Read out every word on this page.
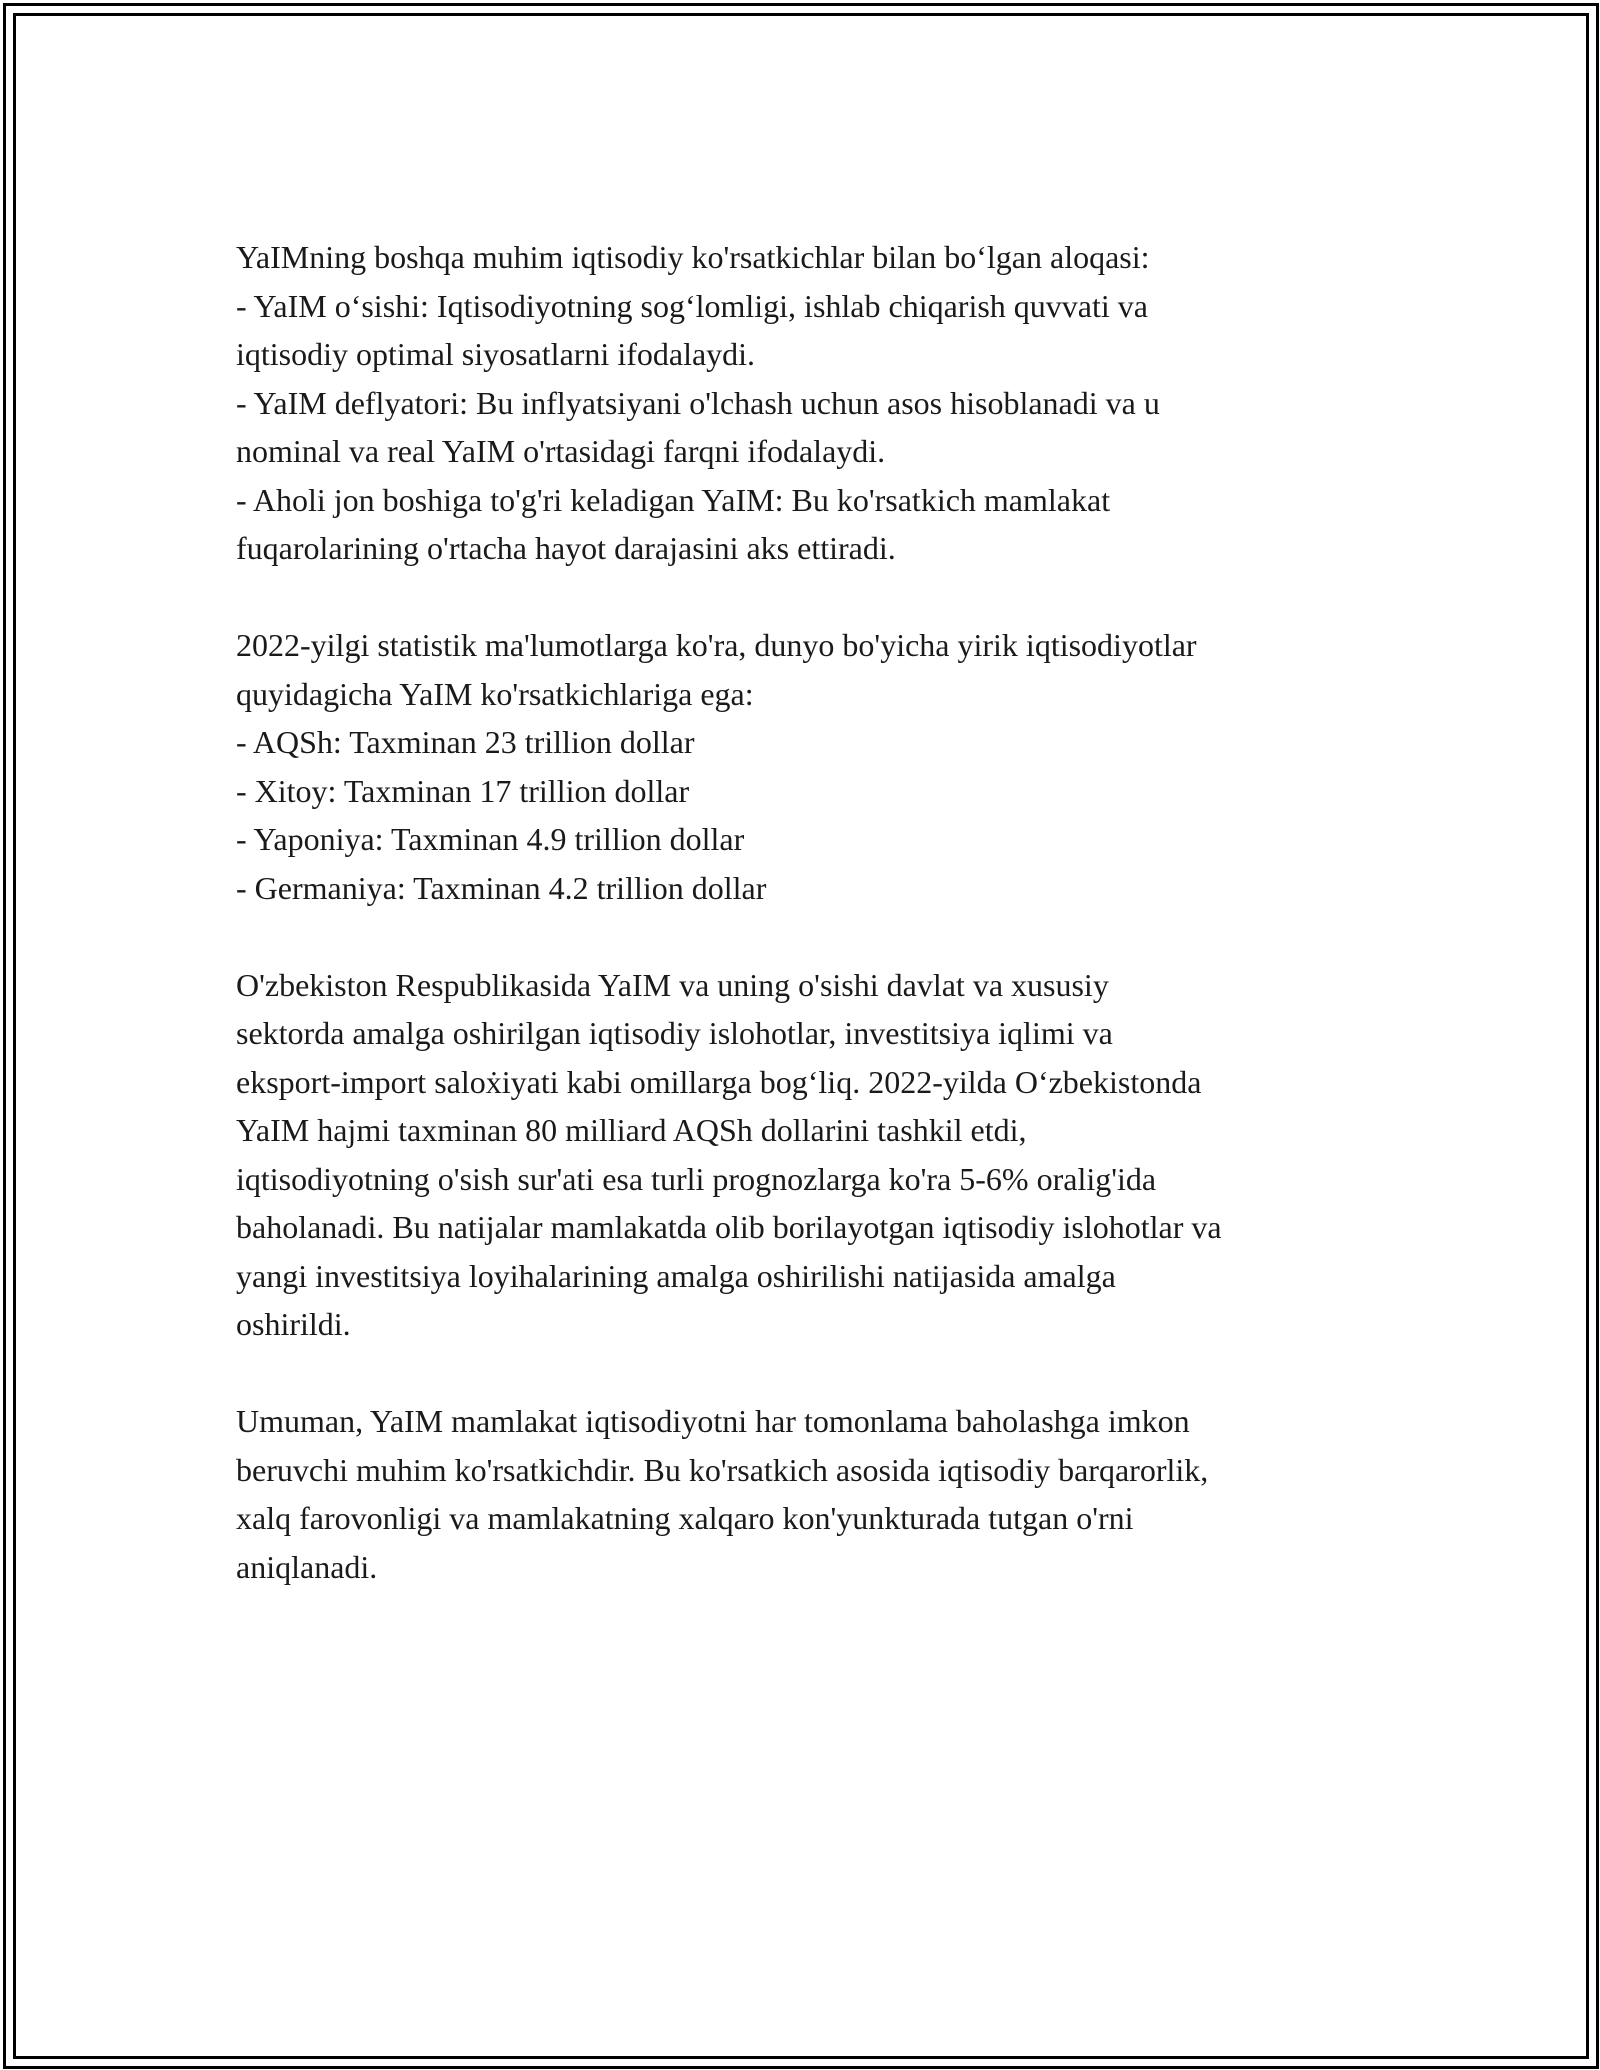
YaIMning boshqa muhim iqtisodiy ko'rsatkichlar bilan bo‘lgan aloqasi:
- YaIM o‘sishi: Iqtisodiyotning sog‘lomligi, ishlab chiqarish quvvati va
iqtisodiy optimal siyosatlarni ifodalaydi.
- YaIM deflyatori: Bu inflyatsiyani o'lchash uchun asos hisoblanadi va u
nominal va real YaIM o'rtasidagi farqni ifodalaydi.
- Aholi jon boshiga to'g'ri keladigan YaIM: Bu ko'rsatkich mamlakat
fuqarolarining o'rtacha hayot darajasini aks ettiradi.
2022-yilgi statistik ma'lumotlarga ko'ra, dunyo bo'yicha yirik iqtisodiyotlar
quyidagicha YaIM ko'rsatkichlariga ega:
- AQSh: Taxminan 23 trillion dollar
- Xitoy: Taxminan 17 trillion dollar
- Yaponiya: Taxminan 4.9 trillion dollar
- Germaniya: Taxminan 4.2 trillion dollar
O'zbekiston Respublikasida YaIM va uning o'sishi davlat va xususiy
sektorda amalga oshirilgan iqtisodiy islohotlar, investitsiya iqlimi va
eksport-import saloẋiyati kabi omillarga bog‘liq. 2022-yilda O‘zbekistonda
YaIM hajmi taxminan 80 milliard AQSh dollarini tashkil etdi,
iqtisodiyotning o'sish sur'ati esa turli prognozlarga ko'ra 5-6% oralig'ida
baholanadi. Bu natijalar mamlakatda olib borilayotgan iqtisodiy islohotlar va
yangi investitsiya loyihalarining amalga oshirilishi natijasida amalga
oshirildi.
Umuman, YaIM mamlakat iqtisodiyotni har tomonlama baholashga imkon
beruvchi muhim ko'rsatkichdir. Bu ko'rsatkich asosida iqtisodiy barqarorlik,
xalq farovonligi va mamlakatning xalqaro kon'yunkturada tutgan o'rni
aniqlanadi.
